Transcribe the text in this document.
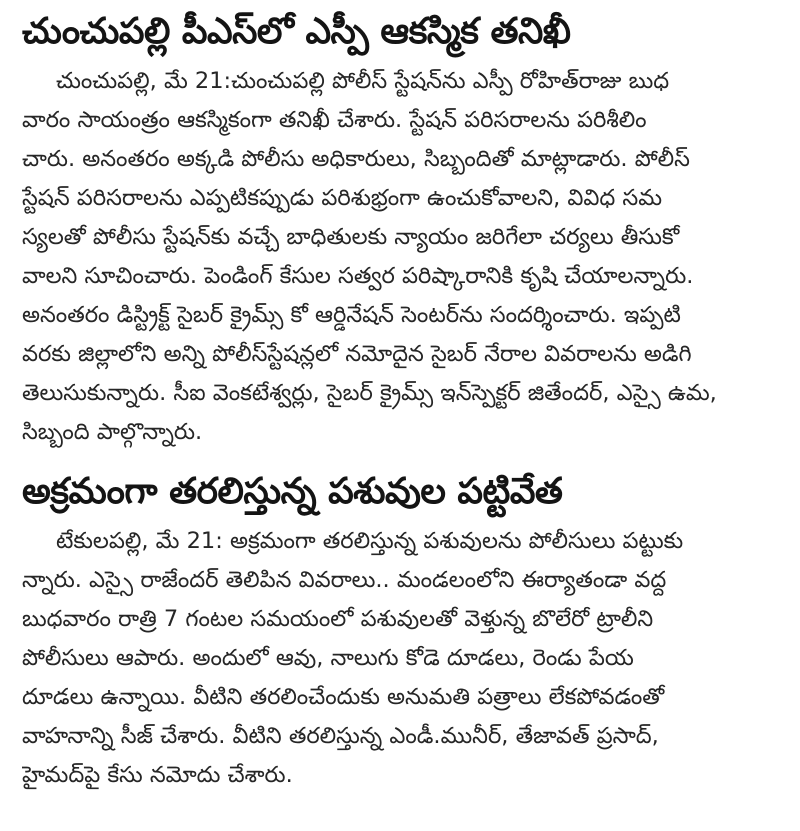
చుంచుపల్లి పీఎస్‌లో ఎస్పీ ఆకస్మిక తనిఖీ
చుంచుపల్లి, మే 21:చుంచుపల్లి పోలీస్ స్టేషన్‌ను ఎస్పీ రోహిత్‌రాజు బుధ
వారం సాయంత్రం ఆకస్మికంగా తనిఖీ చేశారు. స్టేషన్ పరిసరాలను పరిశీలిం
చారు. అనంతరం అక్కడి పోలీసు అధికారులు, సిబ్బందితో మాట్లాడారు. పోలీస్
స్టేషన్ పరిసరాలను ఎప్పటికప్పుడు పరిశుభ్రంగా ఉంచుకోవాలని, వివిధ సమ
స్యలతో పోలీసు స్టేషన్‌కు వచ్చే బాధితులకు న్యాయం జరిగేలా చర్యలు తీసుకో
వాలని సూచించారు. పెండింగ్ కేసుల సత్వర పరిష్కారానికి కృషి చేయాలన్నారు.
అనంతరం డిస్ట్రిక్ట్ సైబర్ క్రైమ్స్ కో ఆర్డినేషన్ సెంటర్‌ను సందర్శించారు. ఇప్పటి
వరకు జిల్లాలోని అన్ని పోలీస్‌స్టేషన్లలో నమోదైన సైబర్ నేరాల వివరాలను అడిగి
తెలుసుకున్నారు. సీఐ వెంకటేశ్వర్లు, సైబర్ క్రైమ్స్ ఇన్‌స్పెక్టర్ జితేందర్, ఎస్సై ఉమ,
సిబ్బంది పాల్గొన్నారు.
అక్రమంగా తరలిస్తున్న పశువుల పట్టివేత
టేకులపల్లి, మే 21: అక్రమంగా తరలిస్తున్న పశువులను పోలీసులు పట్టుకు
న్నారు. ఎస్సై రాజేందర్ తెలిపిన వివరాలు.. మండలంలోని ఈర్యాతండా వద్ద
బుధవారం రాత్రి 7 గంటల సమయంలో పశువులతో వెళ్తున్న బొలేరో ట్రాలీని
పోలీసులు ఆపారు. అందులో ఆవు, నాలుగు కోడె దూడలు, రెండు పేయ
దూడలు ఉన్నాయి. వీటిని తరలించేందుకు అనుమతి పత్రాలు లేకపోవడంతో
వాహనాన్ని సీజ్ చేశారు. వీటిని తరలిస్తున్న ఎండీ.మునీర్, తేజావత్ ప్రసాద్,
హైమద్‌పై కేసు నమోదు చేశారు.
